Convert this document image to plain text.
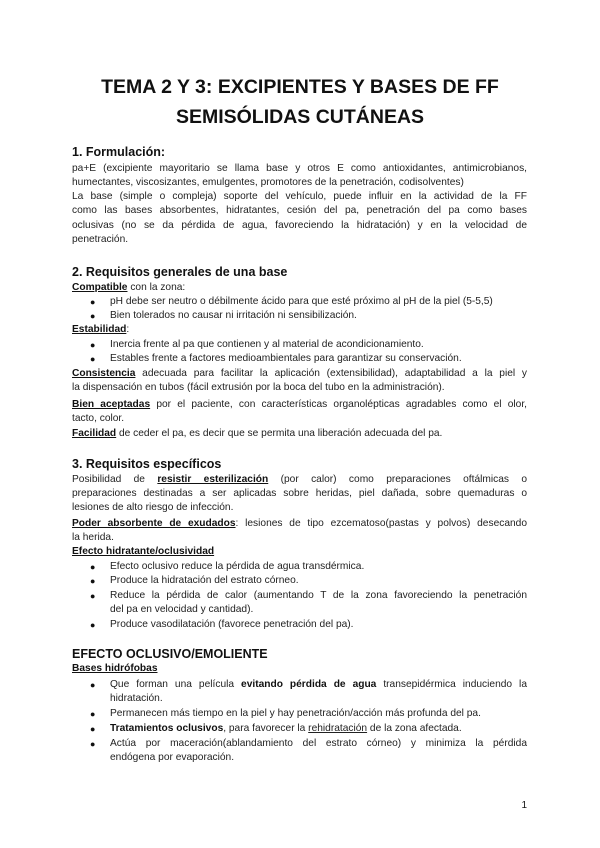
TEMA 2 Y 3: EXCIPIENTES Y BASES DE FF
SEMISÓLIDAS CUTÁNEAS
1. Formulación:
pa+E (excipiente mayoritario se llama base y otros E como antioxidantes, antimicrobianos,
humectantes, viscosizantes, emulgentes, promotores de la penetración, codisolventes)
La base (simple o compleja) soporte del vehículo, puede influir en la actividad de la FF
como las bases absorbentes, hidratantes, cesión del pa, penetración del pa como bases
oclusivas (no se da pérdida de agua, favoreciendo la hidratación) y en la velocidad de
penetración.
2. Requisitos generales de una base
Compatible con la zona:
● pH debe ser neutro o débilmente ácido para que esté próximo al pH de la piel (5-5,5)
● Bien tolerados no causar ni irritación ni sensibilización.
Estabilidad:
● Inercia frente al pa que contienen y al material de acondicionamiento.
● Estables frente a factores medioambientales para garantizar su conservación.
Consistencia adecuada para facilitar la aplicación (extensibilidad), adaptabilidad a la piel y
la dispensación en tubos (fácil extrusión por la boca del tubo en la administración).
Bien aceptadas por el paciente, con características organolépticas agradables como el olor,
tacto, color.
Facilidad de ceder el pa, es decir que se permita una liberación adecuada del pa.
3. Requisitos específicos
Posibilidad de resistir esterilización (por calor) como preparaciones oftálmicas o
preparaciones destinadas a ser aplicadas sobre heridas, piel dañada, sobre quemaduras o
lesiones de alto riesgo de infección.
Poder absorbente de exudados: lesiones de tipo ezcematoso(pastas y polvos) desecando
la herida.
Efecto hidratante/oclusividad
● Efecto oclusivo reduce la pérdida de agua transdérmica.
● Produce la hidratación del estrato córneo.
● Reduce la pérdida de calor (aumentando T de la zona favoreciendo la penetración
del pa en velocidad y cantidad).
● Produce vasodilatación (favorece penetración del pa).
EFECTO OCLUSIVO/EMOLIENTE
Bases hidrófobas
● Que forman una película evitando pérdida de agua transepidérmica induciendo la
hidratación.
● Permanecen más tiempo en la piel y hay penetración/acción más profunda del pa.
● Tratamientos oclusivos, para favorecer la rehidratación de la zona afectada.
● Actúa por maceración(ablandamiento del estrato córneo) y minimiza la pérdida
endógena por evaporación.
1
